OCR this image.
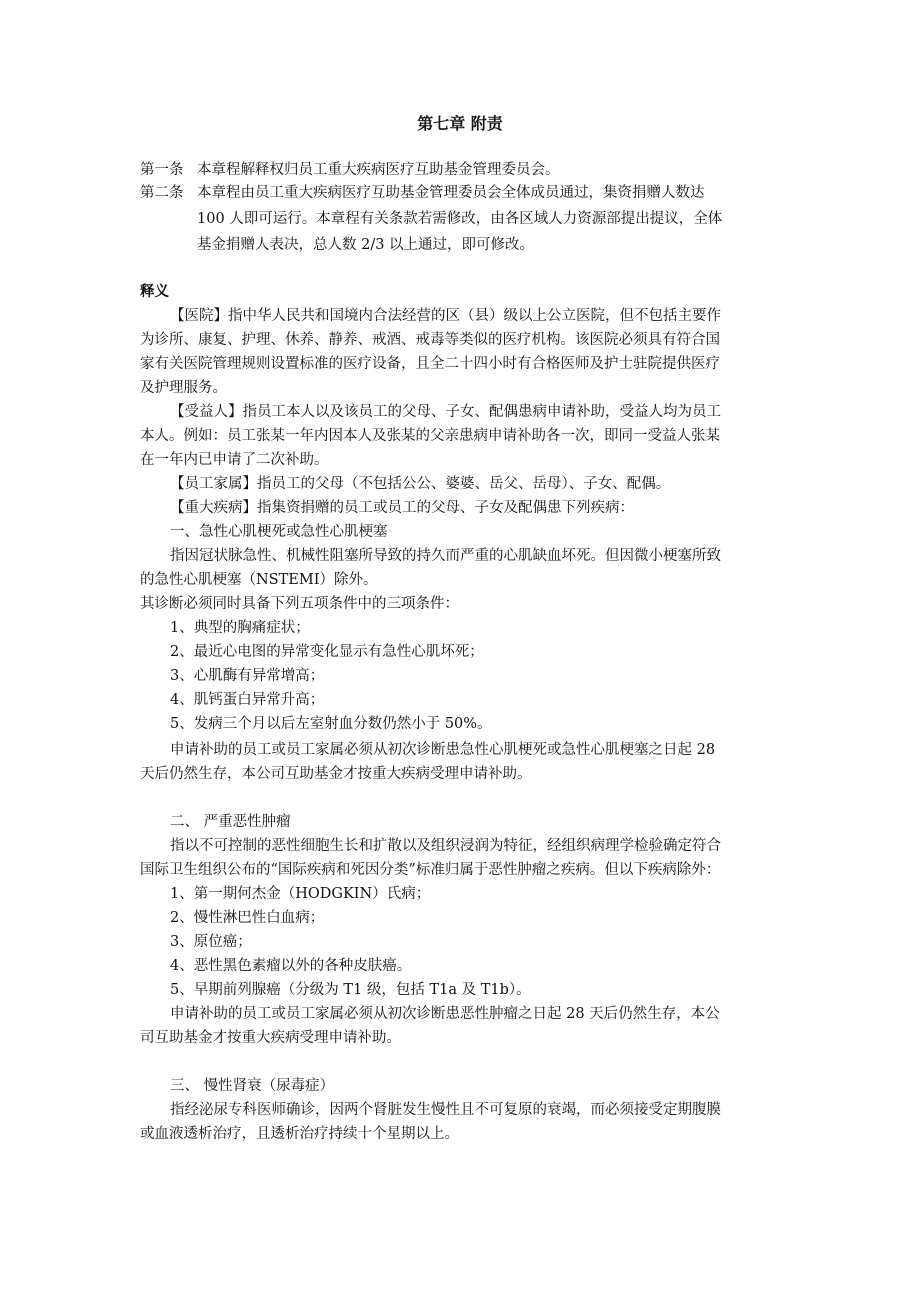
第七章 附责
第一条 本章程解释权归员工重大疾病医疗互助基金管理委员会。
第二条 本章程由员工重大疾病医疗互助基金管理委员会全体成员通过，集资捐赠人数达
100 人即可运行。本章程有关条款若需修改，由各区域人力资源部提出提议，全体
基金捐赠人表决，总人数 2/3 以上通过，即可修改。
释义
【医院】指中华人民共和国境内合法经营的区（县）级以上公立医院，但不包括主要作
为诊所、康复、护理、休养、静养、戒酒、戒毒等类似的医疗机构。该医院必须具有符合国
家有关医院管理规则设置标准的医疗设备，且全二十四小时有合格医师及护士驻院提供医疗
及护理服务。
【受益人】指员工本人以及该员工的父母、子女、配偶患病申请补助，受益人均为员工
本人。例如：员工张某一年内因本人及张某的父亲患病申请补助各一次，即同一受益人张某
在一年内已申请了二次补助。
【员工家属】指员工的父母（不包括公公、婆婆、岳父、岳母）、子女、配偶。
【重大疾病】指集资捐赠的员工或员工的父母、子女及配偶患下列疾病：
一、急性心肌梗死或急性心肌梗塞
指因冠状脉急性、机械性阻塞所导致的持久而严重的心肌缺血坏死。但因微小梗塞所致
的急性心肌梗塞（NSTEMI）除外。
其诊断必须同时具备下列五项条件中的三项条件：
1、典型的胸痛症状；
2、最近心电图的异常变化显示有急性心肌坏死；
3、心肌酶有异常增高；
4、肌钙蛋白异常升高；
5、发病三个月以后左室射血分数仍然小于 50%。
申请补助的员工或员工家属必须从初次诊断患急性心肌梗死或急性心肌梗塞之日起 28
天后仍然生存，本公司互助基金才按重大疾病受理申请补助。
二、 严重恶性肿瘤
指以不可控制的恶性细胞生长和扩散以及组织浸润为特征，经组织病理学检验确定符合
国际卫生组织公布的“国际疾病和死因分类”标准归属于恶性肿瘤之疾病。但以下疾病除外：
1、第一期何杰金（HODGKIN）氏病；
2、慢性淋巴性白血病；
3、原位癌；
4、恶性黑色素瘤以外的各种皮肤癌。
5、早期前列腺癌（分级为 T1 级，包括 T1a 及 T1b）。
申请补助的员工或员工家属必须从初次诊断患恶性肿瘤之日起 28 天后仍然生存，本公
司互助基金才按重大疾病受理申请补助。
三、 慢性肾衰（尿毒症）
指经泌尿专科医师确诊，因两个肾脏发生慢性且不可复原的衰竭，而必须接受定期腹膜
或血液透析治疗，且透析治疗持续十个星期以上。
